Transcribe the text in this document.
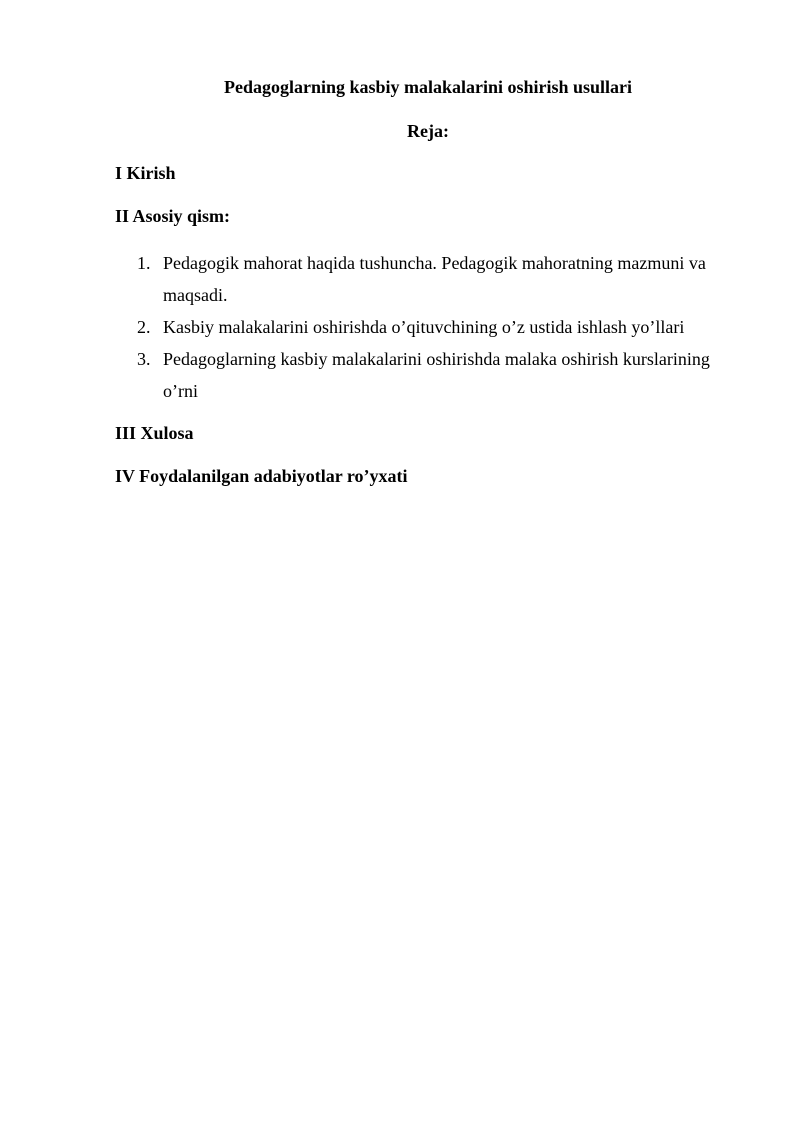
Pedagoglarning kasbiy malakalarini oshirish usullari
Reja:
I Kirish
II Asosiy qism:
1. Pedagogik mahorat haqida tushuncha. Pedagogik mahoratning mazmuni va maqsadi.
2. Kasbiy malakalarini oshirishda o’qituvchining o’z ustida ishlash yo’llari
3. Pedagoglarning kasbiy malakalarini oshirishda malaka oshirish kurslarining o’rni
III Xulosa
IV Foydalanilgan adabiyotlar ro’yxati
